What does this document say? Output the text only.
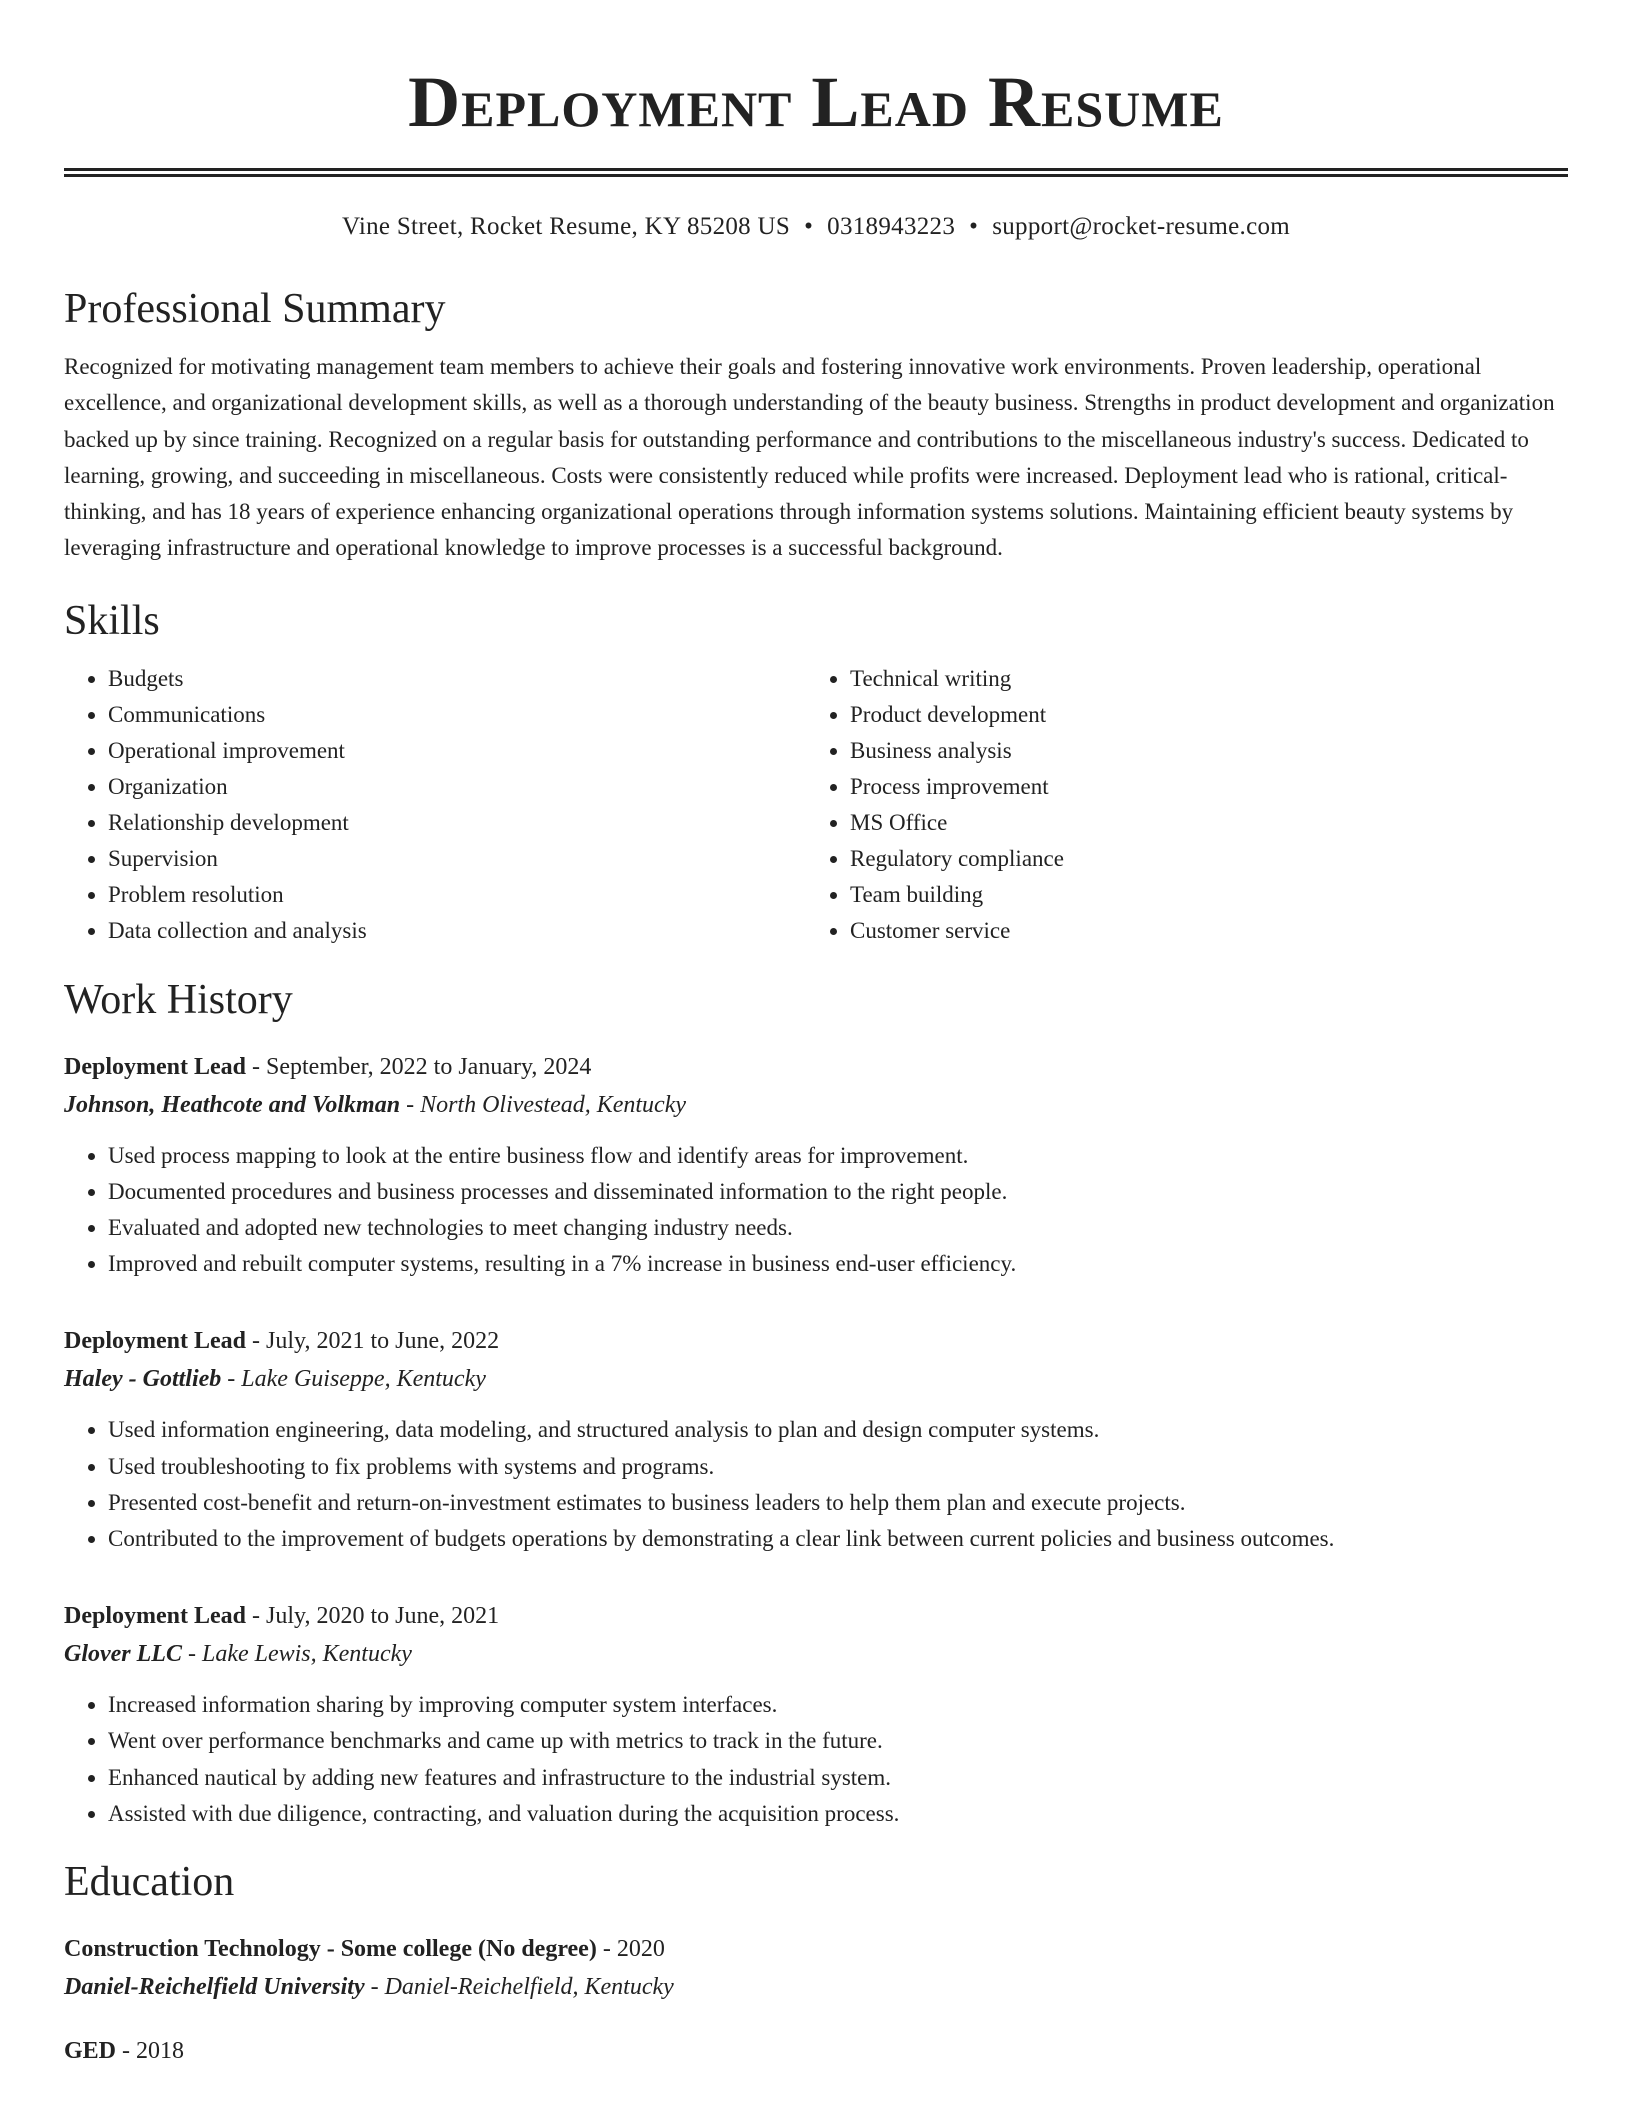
Deployment Lead Resume
Vine Street, Rocket Resume, KY 85208 US • 0318943223 • support@rocket-resume.com
Professional Summary

Recognized for motivating management team members to achieve their goals and fostering innovative work environments. Proven leadership, operational excellence, and organizational development skills, as well as a thorough understanding of the beauty business. Strengths in product development and organization backed up by since training. Recognized on a regular basis for outstanding performance and contributions to the miscellaneous industry's success. Dedicated to learning, growing, and succeeding in miscellaneous. Costs were consistently reduced while profits were increased. Deployment lead who is rational, critical-thinking, and has 18 years of experience enhancing organizational operations through information systems solutions. Maintaining efficient beauty systems by leveraging infrastructure and operational knowledge to improve processes is a successful background.

Skills
• Budgets
• Communications
• Operational improvement
• Organization
• Relationship development
• Supervision
• Problem resolution
• Data collection and analysis
• Technical writing
• Product development
• Business analysis
• Process improvement
• MS Office
• Regulatory compliance
• Team building
• Customer service
Work History
Deployment Lead - September, 2022 to January, 2024
Johnson, Heathcote and Volkman - North Olivestead, Kentucky
• Used process mapping to look at the entire business flow and identify areas for improvement.
• Documented procedures and business processes and disseminated information to the right people.
• Evaluated and adopted new technologies to meet changing industry needs.
• Improved and rebuilt computer systems, resulting in a 7% increase in business end-user efficiency.
Deployment Lead - July, 2021 to June, 2022
Haley - Gottlieb - Lake Guiseppe, Kentucky
• Used information engineering, data modeling, and structured analysis to plan and design computer systems.
• Used troubleshooting to fix problems with systems and programs.
• Presented cost-benefit and return-on-investment estimates to business leaders to help them plan and execute projects.
• Contributed to the improvement of budgets operations by demonstrating a clear link between current policies and business outcomes.
Deployment Lead - July, 2020 to June, 2021
Glover LLC - Lake Lewis, Kentucky
• Increased information sharing by improving computer system interfaces.
• Went over performance benchmarks and came up with metrics to track in the future.
• Enhanced nautical by adding new features and infrastructure to the industrial system.
• Assisted with due diligence, contracting, and valuation during the acquisition process.
Education
Construction Technology - Some college (No degree) - 2020
Daniel-Reichelfield University - Daniel-Reichelfield, Kentucky
GED - 2018
